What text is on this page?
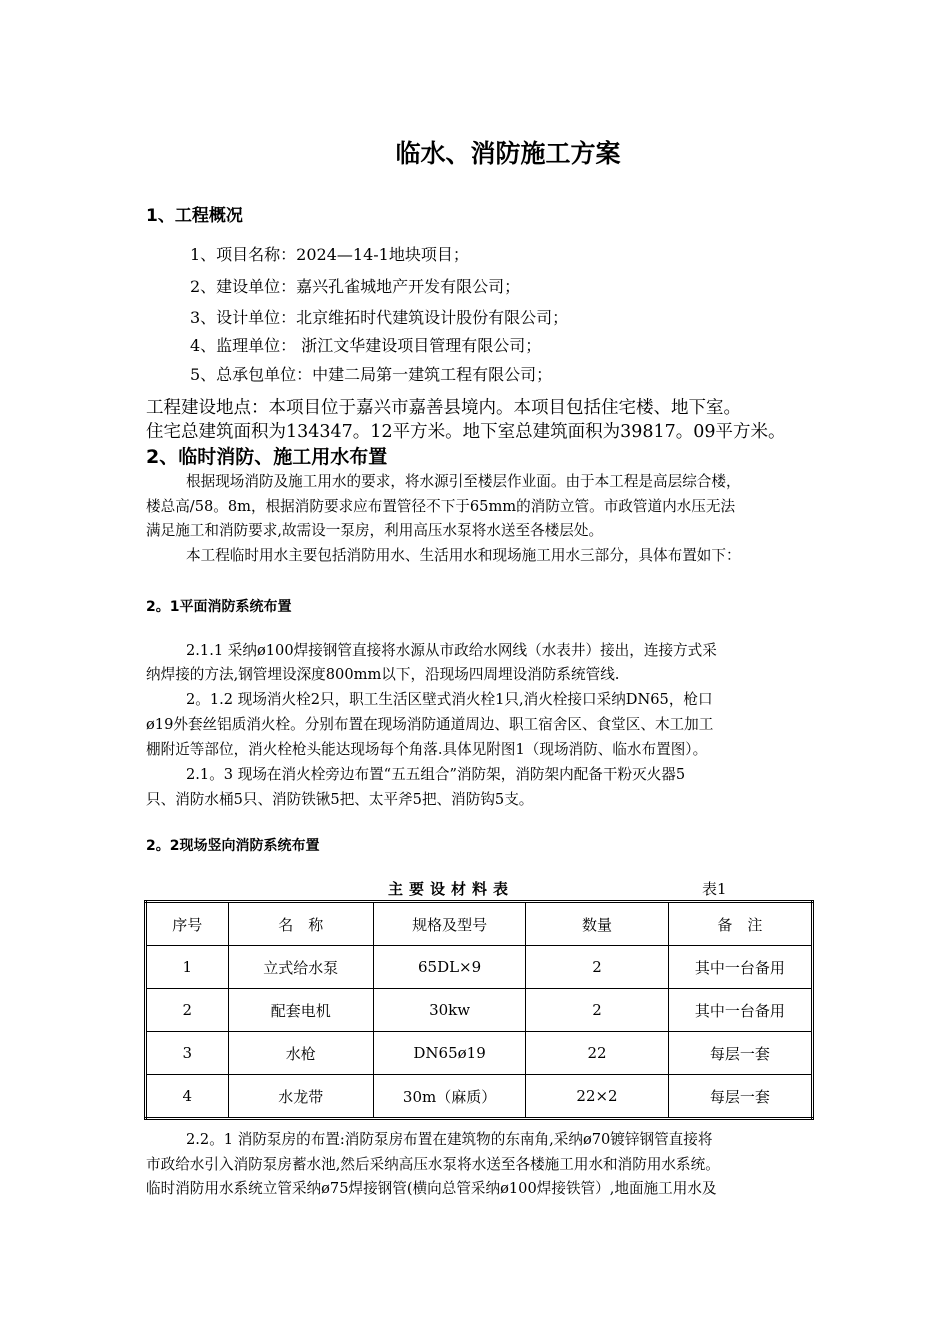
临水、消防施工方案
1、工程概况
1、项目名称：2024—14-1地块项目；
2、建设单位：嘉兴孔雀城地产开发有限公司；
3、设计单位：北京维拓时代建筑设计股份有限公司；
4、监理单位： 浙江文华建设项目管理有限公司；
5、总承包单位：中建二局第一建筑工程有限公司；
工程建设地点：本项目位于嘉兴市嘉善县境内。本项目包括住宅楼、地下室。
住宅总建筑面积为134347。12平方米。地下室总建筑面积为39817。09平方米。
2、临时消防、施工用水布置
根据现场消防及施工用水的要求，将水源引至楼层作业面。由于本工程是高层综合楼，
楼总高/58。8m，根据消防要求应布置管径不下于65mm的消防立管。市政管道内水压无法
满足施工和消防要求,故需设一泵房，利用高压水泵将水送至各楼层处。
本工程临时用水主要包括消防用水、生活用水和现场施工用水三部分，具体布置如下：
2。1平面消防系统布置
2.1.1 采纳ø100焊接钢管直接将水源从市政给水网线（水表井）接出，连接方式采
纳焊接的方法,钢管埋设深度800mm以下，沿现场四周埋设消防系统管线.
2。1.2 现场消火栓2只，职工生活区壁式消火栓1只,消火栓接口采纳DN65，枪口
ø19外套丝铝质消火栓。分别布置在现场消防通道周边、职工宿舍区、食堂区、木工加工
棚附近等部位，消火栓枪头能达现场每个角落.具体见附图1（现场消防、临水布置图）。
2.1。3 现场在消火栓旁边布置“五五组合”消防架，消防架内配备干粉灭火器5
只、消防水桶5只、消防铁锹5把、太平斧5把、消防钩5支。
2。2现场竖向消防系统布置
主要设材料表	表1
序号	名　称	规格及型号	数量	备　注
1	立式给水泵	65DL×9	2	其中一台备用
2	配套电机	30kw	2	其中一台备用
3	水枪	DN65ø19	22	每层一套
4	水龙带	30m（麻质）	22×2	每层一套
2.2。1 消防泵房的布置:消防泵房布置在建筑物的东南角,采纳ø70镀锌钢管直接将
市政给水引入消防泵房蓄水池,然后采纳高压水泵将水送至各楼施工用水和消防用水系统。
临时消防用水系统立管采纳ø75焊接钢管(横向总管采纳ø100焊接铁管）,地面施工用水及
